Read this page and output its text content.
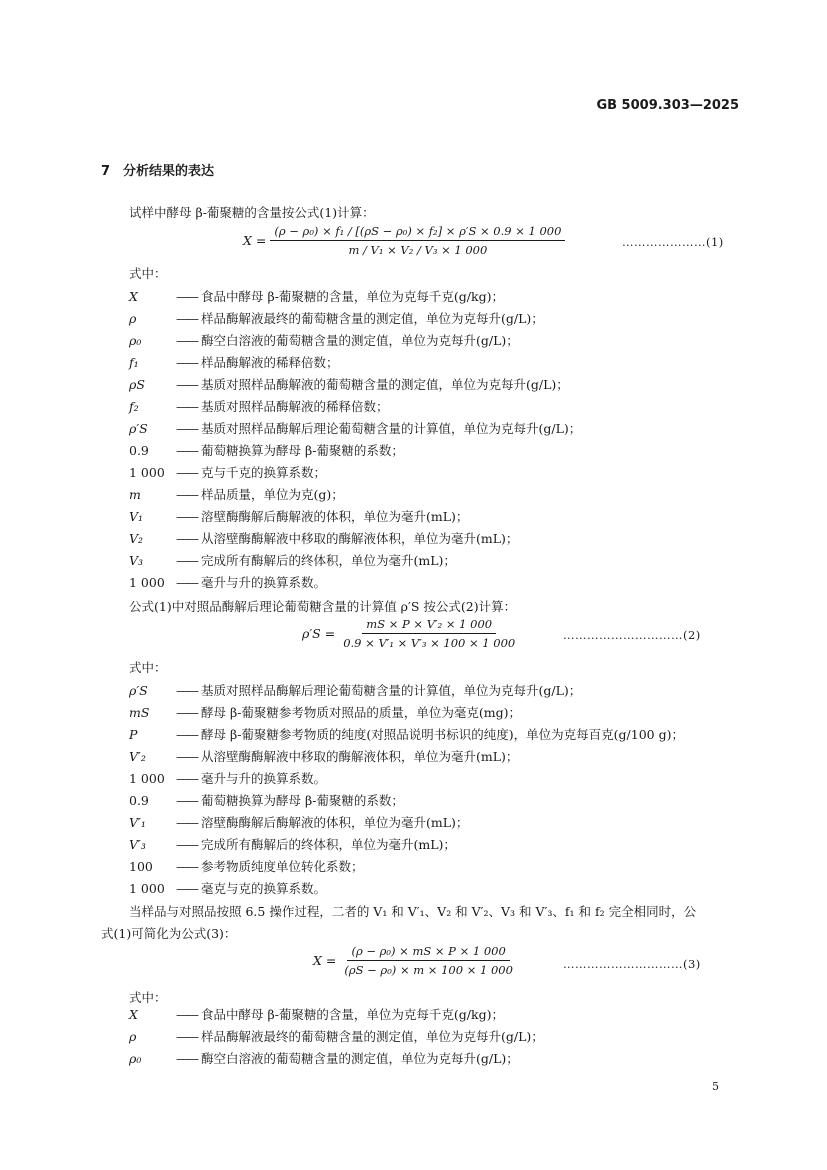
GB 5009.303—2025
7 分析结果的表达
试样中酵母 β-葡聚糖的含量按公式(1)计算：
$X = \frac{\text{(ρ − ρ₀) × f₁ / [(ρS − ρ₀) × f₂] × ρ′S × 0.9 × 1 000}}{\text{m / V₁ × V₂ / V₃ × 1 000}}$	…………………(1)
式中：
X	—— 食品中酵母 β-葡聚糖的含量，单位为克每千克(g/kg)；
ρ	—— 样品酶解液最终的葡萄糖含量的测定值，单位为克每升(g/L)；
ρ₀	—— 酶空白溶液的葡萄糖含量的测定值，单位为克每升(g/L)；
f₁	—— 样品酶解液的稀释倍数；
ρS —— 基质对照样品酶解液的葡萄糖含量的测定值，单位为克每升(g/L)；
f₂	—— 基质对照样品酶解液的稀释倍数；
ρ′S —— 基质对照样品酶解后理论葡萄糖含量的计算值，单位为克每升(g/L)；
0.9 —— 葡萄糖换算为酵母 β-葡聚糖的系数；
1 000 —— 克与千克的换算系数；
m	—— 样品质量，单位为克(g)；
V₁	—— 溶壁酶酶解后酶解液的体积，单位为毫升(mL)；
V₂	—— 从溶壁酶酶解液中移取的酶解液体积，单位为毫升(mL)；
V₃	—— 完成所有酶解后的终体积，单位为毫升(mL)；
1 000 —— 毫升与升的换算系数。
公式(1)中对照品酶解后理论葡萄糖含量的计算值 ρ′S 按公式(2)计算：
$\rho'S = \frac{\text{mS × P × V′₂ × 1 000}}{\text{0.9 × V′₁ × V′₃ × 100 × 1 000}}$	…………………………(2)
式中：
ρ′S —— 基质对照样品酶解后理论葡萄糖含量的计算值，单位为克每升(g/L)；
mS —— 酵母 β-葡聚糖参考物质对照品的质量，单位为毫克(mg)；
P	—— 酵母 β-葡聚糖参考物质的纯度(对照品说明书标识的纯度)，单位为克每百克(g/100 g)；
V′₂ —— 从溶壁酶酶解液中移取的酶解液体积，单位为毫升(mL)；
1 000 —— 毫升与升的换算系数。
0.9 —— 葡萄糖换算为酵母 β-葡聚糖的系数；
V′₁ —— 溶壁酶酶解后酶解液的体积，单位为毫升(mL)；
V′₃ —— 完成所有酶解后的终体积，单位为毫升(mL)；
100 —— 参考物质纯度单位转化系数；
1 000 —— 毫克与克的换算系数。
当样品与对照品按照 6.5 操作过程，二者的 V₁ 和 V′₁、V₂ 和 V′₂、V₃ 和 V′₃、f₁ 和 f₂ 完全相同时，公
式(1)可简化为公式(3)：
$X = \frac{\text{(ρ − ρ₀) × mS × P × 1 000}}{\text{(ρS − ρ₀) × m × 100 × 1 000}}$	…………………………(3)
式中：
X	—— 食品中酵母 β-葡聚糖的含量，单位为克每千克(g/kg)；
ρ	—— 样品酶解液最终的葡萄糖含量的测定值，单位为克每升(g/L)；
ρ₀	—— 酶空白溶液的葡萄糖含量的测定值，单位为克每升(g/L)；
5
